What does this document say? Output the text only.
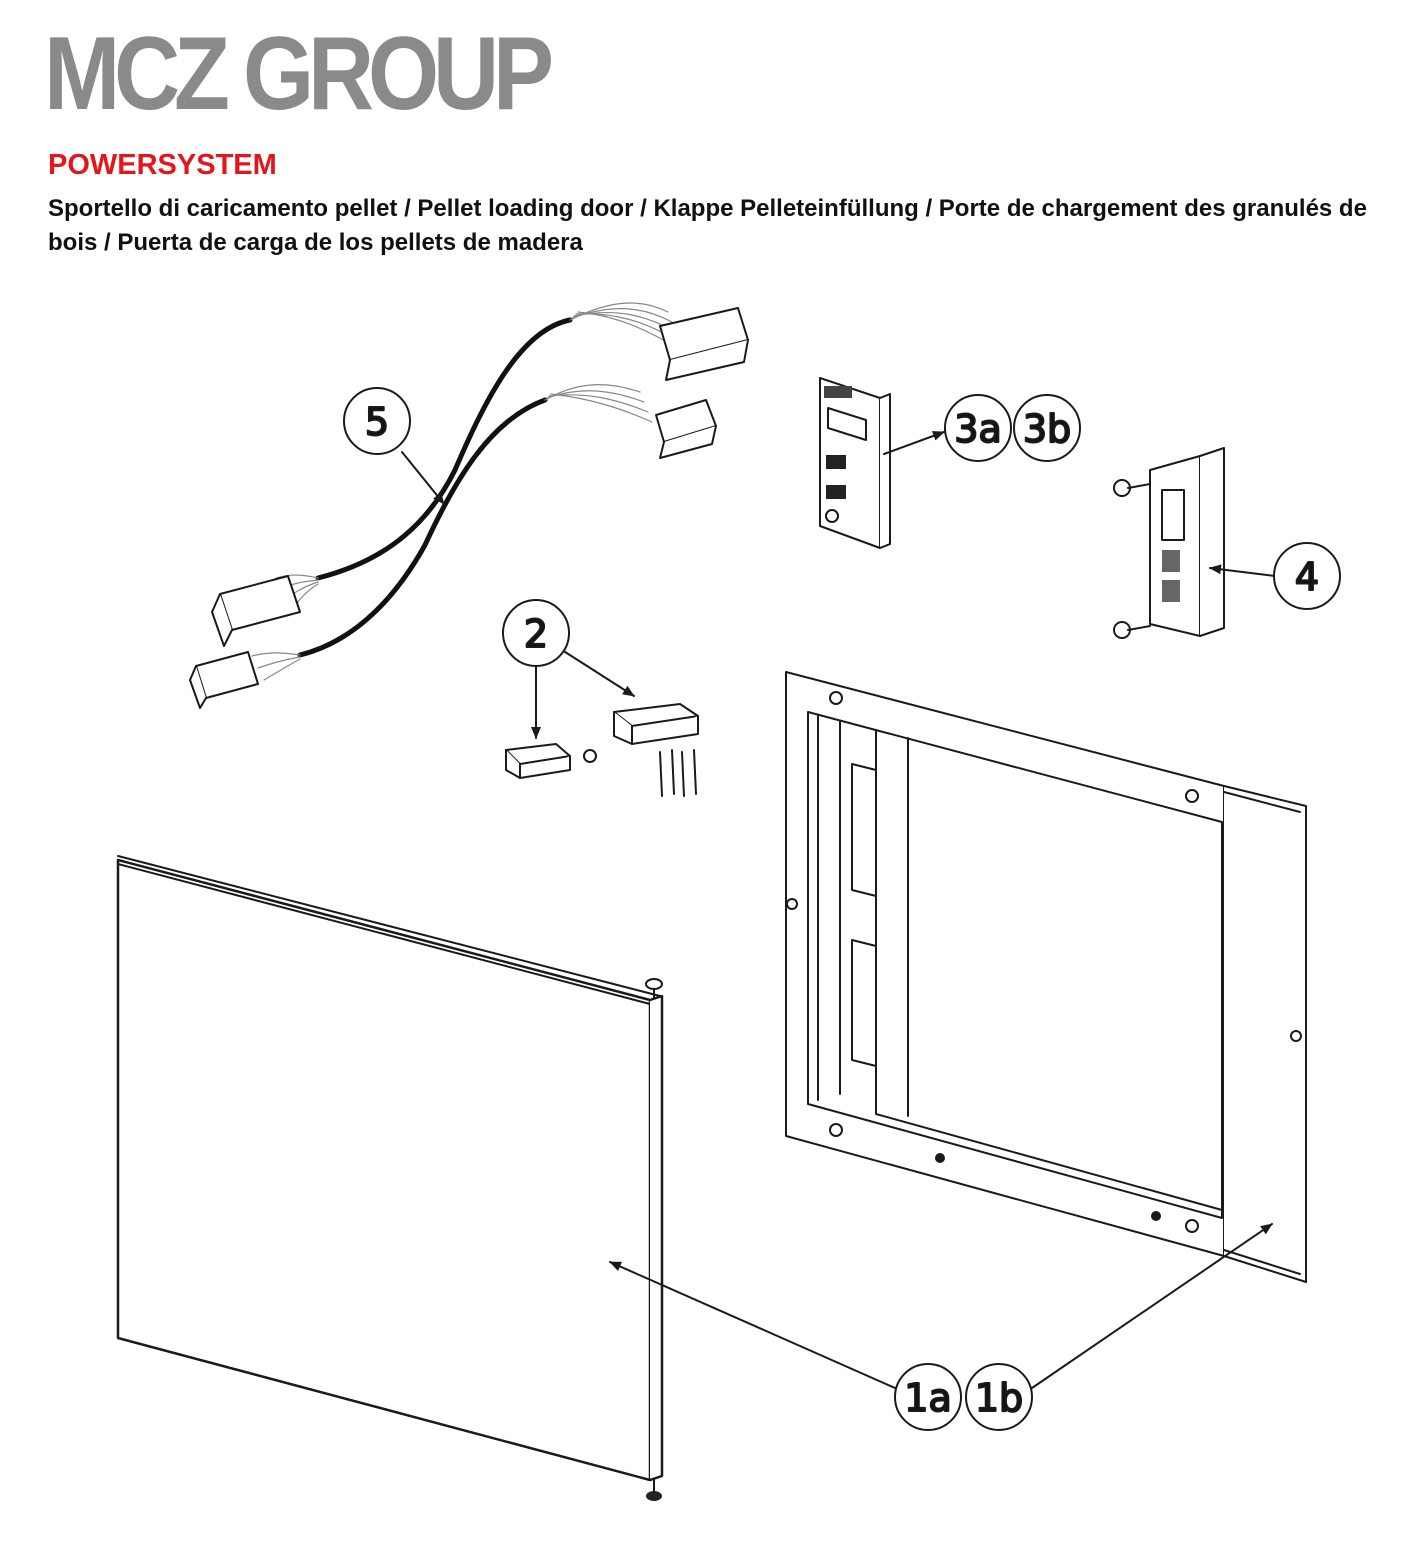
MCZ GROUP
POWERSYSTEM
Sportello di caricamento pellet / Pellet loading door / Klappe Pelleteinfüllung / Porte de chargement des granulés de bois / Puerta de carga de los pellets de madera
5	3a 3b
4
2
1a 1b
